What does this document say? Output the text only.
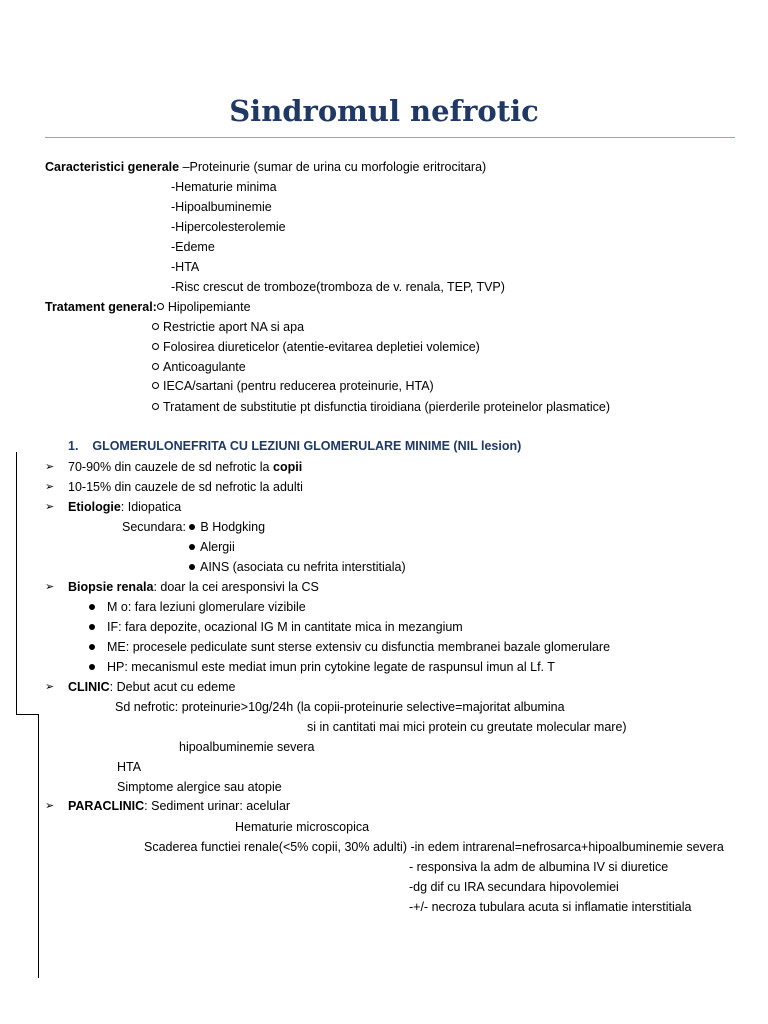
Sindromul nefrotic
Caracteristici generale –Proteinurie (sumar de urina cu morfologie eritrocitara)
-Hematurie minima
-Hipoalbuminemie
-Hipercolesterolemie
-Edeme
-HTA
-Risc crescut de tromboze(tromboza de v. renala, TEP, TVP)
Tratament general: Hipolipemiante
Restrictie aport NA si apa
Folosirea diureticelor (atentie-evitarea depletiei volemice)
Anticoagulante
IECA/sartani (pentru reducerea proteinurie, HTA)
Tratament de substitutie pt disfunctia tiroidiana (pierderile proteinelor plasmatice)
1. GLOMERULONEFRITA CU LEZIUNI GLOMERULARE MINIME (NIL lesion)
➢	70-90% din cauzele de sd nefrotic la copii
➢	10-15% din cauzele de sd nefrotic la adulti
➢	Etiologie: Idiopatica
Secundara: B Hodgking
Alergii
AINS (asociata cu nefrita interstitiala)
➢	Biopsie renala: doar la cei aresponsivi la CS
M o: fara leziuni glomerulare vizibile
IF: fara depozite, ocazional IG M in cantitate mica in mezangium
ME: procesele pediculate sunt sterse extensiv cu disfunctia membranei bazale glomerulare
HP: mecanismul este mediat imun prin cytokine legate de raspunsul imun al Lf. T
➢	CLINIC: Debut acut cu edeme
Sd nefrotic: proteinurie>10g/24h (la copii-proteinurie selective=majoritat albumina
si in cantitati mai mici protein cu greutate molecular mare)
hipoalbuminemie severa
HTA
Simptome alergice sau atopie
➢	PARACLINIC: Sediment urinar: acelular
Hematurie microscopica
Scaderea functiei renale(<5% copii, 30% adulti) -in edem intrarenal=nefrosarca+hipoalbuminemie severa
- responsiva la adm de albumina IV si diuretice
-dg dif cu IRA secundara hipovolemiei
-+/- necroza tubulara acuta si inflamatie interstitiala
